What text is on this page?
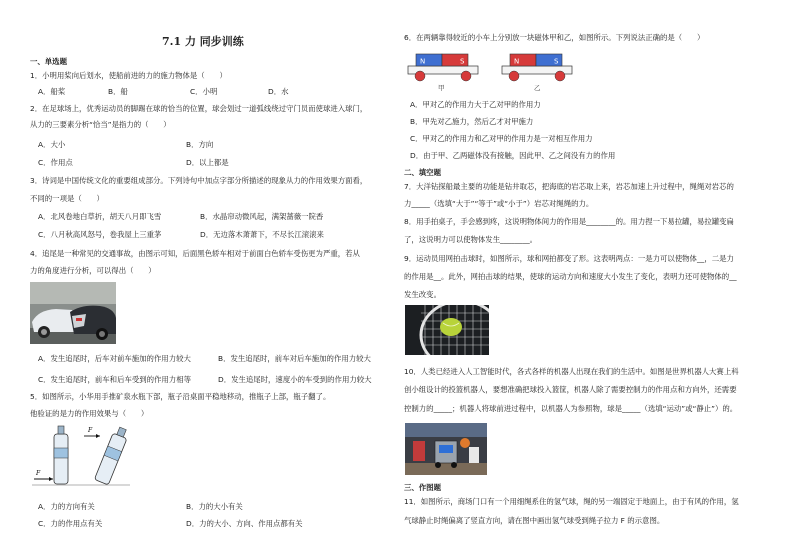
7.1 力 同步训练
一、单选题
1．小明用桨向后划水，使船前进的力的施力物体是（　　）
A．船桨	B．船	C．小明	D．水
2．在足球场上，优秀运动员的脚踢在球的恰当的位置，球会划过一道弧线绕过守门员而使球进入球门，
从力的三要素分析“恰当”是指力的（　　）
A．大小	B．方向
C．作用点	D．以上都是
3．诗词是中国传统文化的重要组成部分。下列诗句中加点字部分所描述的现象从力的作用效果方面看，
不同的一项是（　　）
A．北风卷地白草折，胡天八月即飞雪	B．水晶帘动微风起，满架蔷薇一院香
C．八月秋高风怒号，卷我屋上三重茅	D．无边落木萧萧下，不尽长江滚滚来
4．追尾是一种常见的交通事故，由图示可知，后面黑色轿车相对于前面白色轿车受伤更为严重，若从
力的角度进行分析，可以得出（　　）
A．发生追尾时，后车对前车施加的作用力较大	B．发生追尾时，前车对后车施加的作用力较大
C．发生追尾时，前车和后车受到的作用力相等	D．发生追尾时，速度小的车受到的作用力较大
5．如图所示，小华用手推矿泉水瓶下部，瓶子沿桌面平稳地移动，推瓶子上部，瓶子翻了。
他验证的是力的作用效果与（　　）
F
F
A．力的方向有关	B．力的大小有关
C．力的作用点有关	D．力的大小、方向、作用点都有关
6．在两辆靠得较近的小车上分别放一块磁体甲和乙，如图所示。下列说法正确的是（　　）
N	S	N	S
甲	乙
A．甲对乙的作用力大于乙对甲的作用力
B．甲先对乙施力，然后乙才对甲施力
C．甲对乙的作用力和乙对甲的作用力是一对相互作用力
D．由于甲、乙两磁体没有接触，因此甲、乙之间没有力的作用
二、填空题
7．大洋钻探船最主要的功能是钻井取芯，把海底的岩芯取上来，岩芯加速上升过程中，绳绳对岩芯的
力_____（选填“大于”“等于”或“小于”）岩芯对绳绳的力。
8．用手拍桌子，手会感到疼，这说明物体间力的作用是________的。用力捏一下易拉罐，易拉罐变扁
了，这说明力可以使物体发生________。
9．运动员用网拍击球时，如图所示，球和网拍都变了形。这表明两点：一是力可以使物体__，二是力
的作用是__。此外，网拍击球的结果，使球的运动方向和速度大小发生了变化，表明力还可使物体的__
发生改变。
10．人类已经进入人工智能时代，各式各样的机器人出现在我们的生活中。如图是世界机器人大赛上科
创小组设计的投篮机器人，要想准确把球投入篮筐，机器人除了需要控制力的作用点和方向外，还需要
控制力的_____；机器人将球前进过程中，以机器人为参照物，球是_____（选填“运动”或“静止”）的。
三、作图题
11．如图所示，商场门口有一个用细绳系住的氢气球，绳的另一端固定于地面上，由于有风的作用，氢
气球静止时绳偏离了竖直方向，请在图中画出氢气球受到绳子拉力 F 的示意图。
